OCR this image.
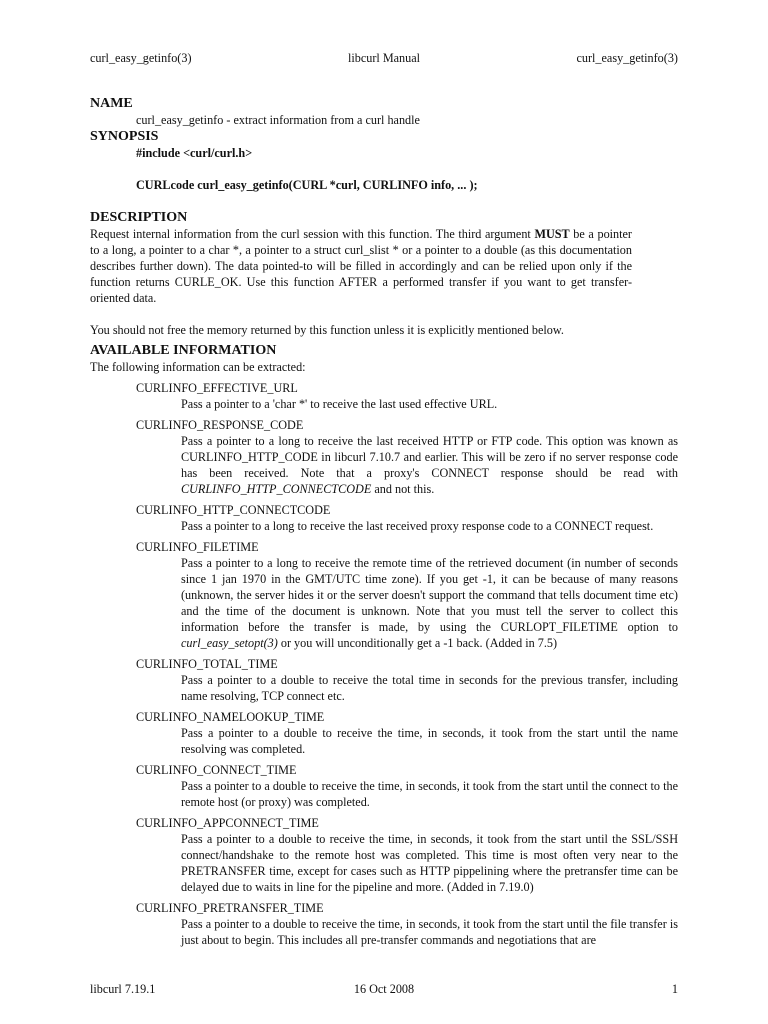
curl_easy_getinfo(3)	libcurl Manual	curl_easy_getinfo(3)
NAME
curl_easy_getinfo - extract information from a curl handle
SYNOPSIS
#include <curl/curl.h>
CURLcode curl_easy_getinfo(CURL *curl, CURLINFO info, ... );
DESCRIPTION
Request internal information from the curl session with this function. The third argument MUST be a pointer to a long, a pointer to a char *, a pointer to a struct curl_slist * or a pointer to a double (as this documentation describes further down). The data pointed-to will be filled in accordingly and can be relied upon only if the function returns CURLE_OK. Use this function AFTER a performed transfer if you want to get transfer- oriented data.
You should not free the memory returned by this function unless it is explicitly mentioned below.
AVAILABLE INFORMATION
The following information can be extracted:
CURLINFO_EFFECTIVE_URL
Pass a pointer to a 'char *' to receive the last used effective URL.
CURLINFO_RESPONSE_CODE
Pass a pointer to a long to receive the last received HTTP or FTP code. This option was known as CURLINFO_HTTP_CODE in libcurl 7.10.7 and earlier. This will be zero if no server response code has been received. Note that a proxy's CONNECT response should be read with CURLINFO_HTTP_CONNECTCODE and not this.
CURLINFO_HTTP_CONNECTCODE
Pass a pointer to a long to receive the last received proxy response code to a CONNECT request.
CURLINFO_FILETIME
Pass a pointer to a long to receive the remote time of the retrieved document (in number of seconds since 1 jan 1970 in the GMT/UTC time zone). If you get -1, it can be because of many reasons (unknown, the server hides it or the server doesn't support the command that tells document time etc) and the time of the document is unknown. Note that you must tell the server to collect this information before the transfer is made, by using the CURLOPT_FILETIME option to curl_easy_setopt(3) or you will unconditionally get a -1 back. (Added in 7.5)
CURLINFO_TOTAL_TIME
Pass a pointer to a double to receive the total time in seconds for the previous transfer, including name resolving, TCP connect etc.
CURLINFO_NAMELOOKUP_TIME
Pass a pointer to a double to receive the time, in seconds, it took from the start until the name resolving was completed.
CURLINFO_CONNECT_TIME
Pass a pointer to a double to receive the time, in seconds, it took from the start until the connect to the remote host (or proxy) was completed.
CURLINFO_APPCONNECT_TIME
Pass a pointer to a double to receive the time, in seconds, it took from the start until the SSL/SSH connect/handshake to the remote host was completed. This time is most often very near to the PRETRANSFER time, except for cases such as HTTP pippelining where the pretransfer time can be delayed due to waits in line for the pipeline and more. (Added in 7.19.0)
CURLINFO_PRETRANSFER_TIME
Pass a pointer to a double to receive the time, in seconds, it took from the start until the file transfer is just about to begin. This includes all pre-transfer commands and negotiations that are
libcurl 7.19.1	16 Oct 2008	1
